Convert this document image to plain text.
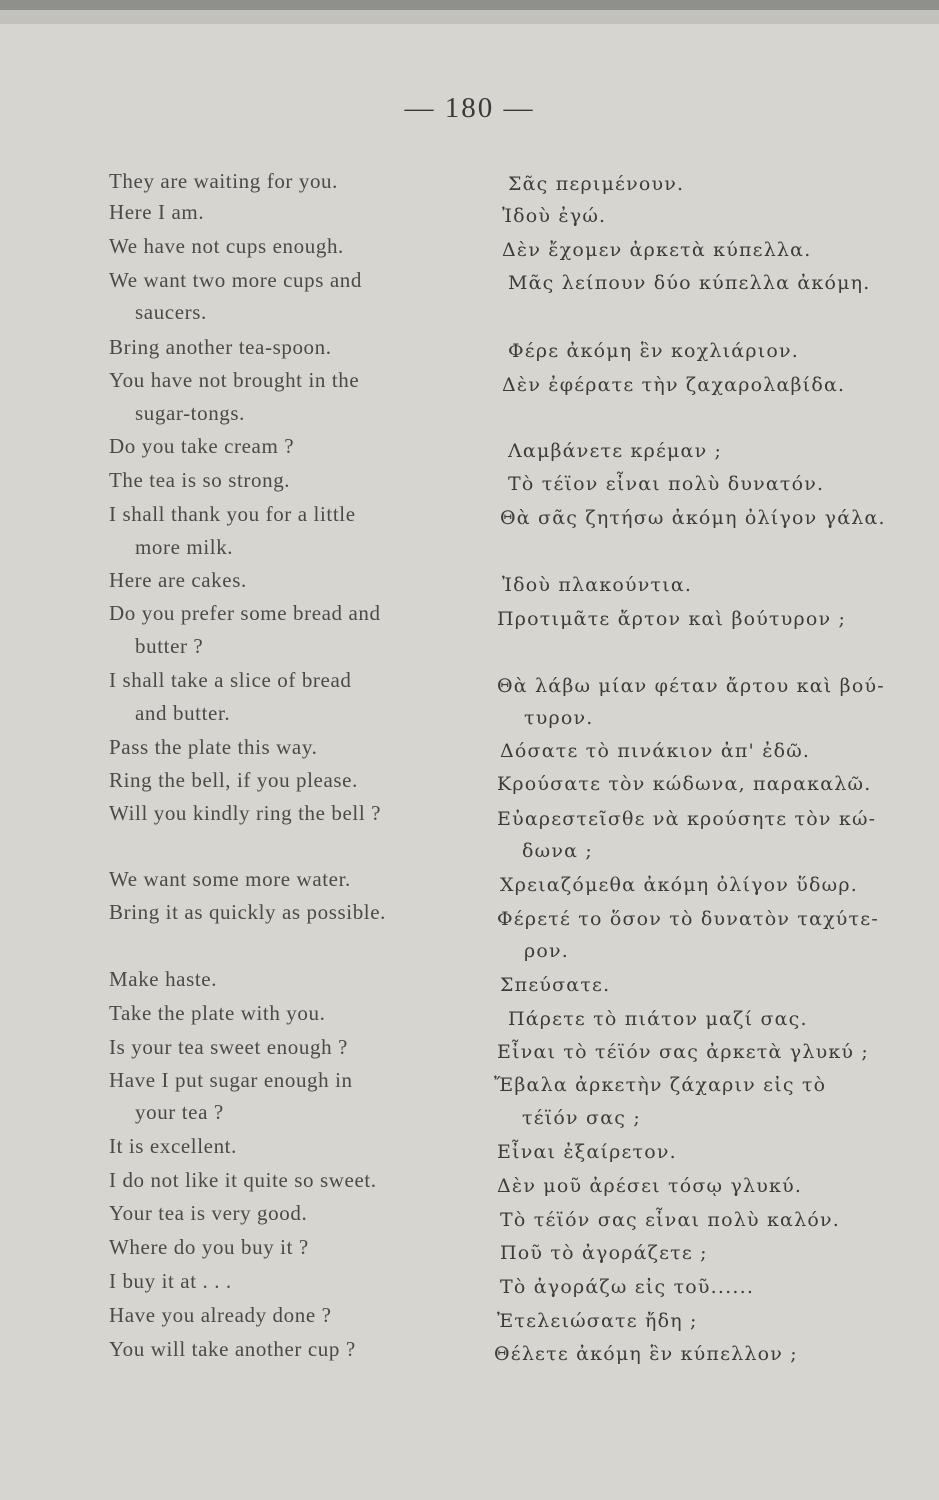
— 180 —
They are waiting for you.
Here I am.
We have not cups enough.
We want two more cups and
saucers.
Bring another tea-spoon.
You have not brought in the
sugar-tongs.
Do you take cream ?
The tea is so strong.
I shall thank you for a little
more milk.
Here are cakes.
Do you prefer some bread and
butter ?
I shall take a slice of bread
and butter.
Pass the plate this way.
Ring the bell, if you please.
Will you kindly ring the bell ?
We want some more water.
Bring it as quickly as possible.
Make haste.
Take the plate with you.
Is your tea sweet enough ?
Have I put sugar enough in
your tea ?
It is excellent.
I do not like it quite so sweet.
Your tea is very good.
Where do you buy it ?
I buy it at . . .
Have you already done ?
You will take another cup ?
Σᾶς περιμένουν.
Ἰδοὺ ἐγώ.
Δὲν ἔχομεν ἀρκετὰ κύπελλα.
Μᾶς λείπουν δύο κύπελλα ἀκόμη.
Φέρε ἀκόμη ἓν κοχλιάριον.
Δὲν ἐφέρατε τὴν ζαχαρολαβίδα.
Λαμβάνετε κρέμαν ;
Τὸ τέϊον εἶναι πολὺ δυνατόν.
Θὰ σᾶς ζητήσω ἀκόμη ὀλίγον γάλα.
Ἰδοὺ πλακούντια.
Προτιμᾶτε ἄρτον καὶ βούτυρον ;
Θὰ λάβω μίαν φέταν ἄρτου καὶ βού-
τυρον.
Δόσατε τὸ πινάκιον ἀπ' ἐδῶ.
Κρούσατε τὸν κώδωνα, παρακαλῶ.
Εὐαρεστεῖσθε νὰ κρούσητε τὸν κώ-
δωνα ;
Χρειαζόμεθα ἀκόμη ὀλίγον ὕδωρ.
Φέρετέ το ὅσον τὸ δυνατὸν ταχύτε-
ρον.
Σπεύσατε.
Πάρετε τὸ πιάτον μαζί σας.
Εἶναι τὸ τέϊόν σας ἀρκετὰ γλυκύ ;
Ἔβαλα ἀρκετὴν ζάχαριν εἰς τὸ
τέϊόν σας ;
Εἶναι ἐξαίρετον.
Δὲν μοῦ ἀρέσει τόσῳ γλυκύ.
Τὸ τέϊόν σας εἶναι πολὺ καλόν.
Ποῦ τὸ ἀγοράζετε ;
Τὸ ἀγοράζω εἰς τοῦ......
Ἐτελειώσατε ἤδη ;
Θέλετε ἀκόμη ἓν κύπελλον ;
